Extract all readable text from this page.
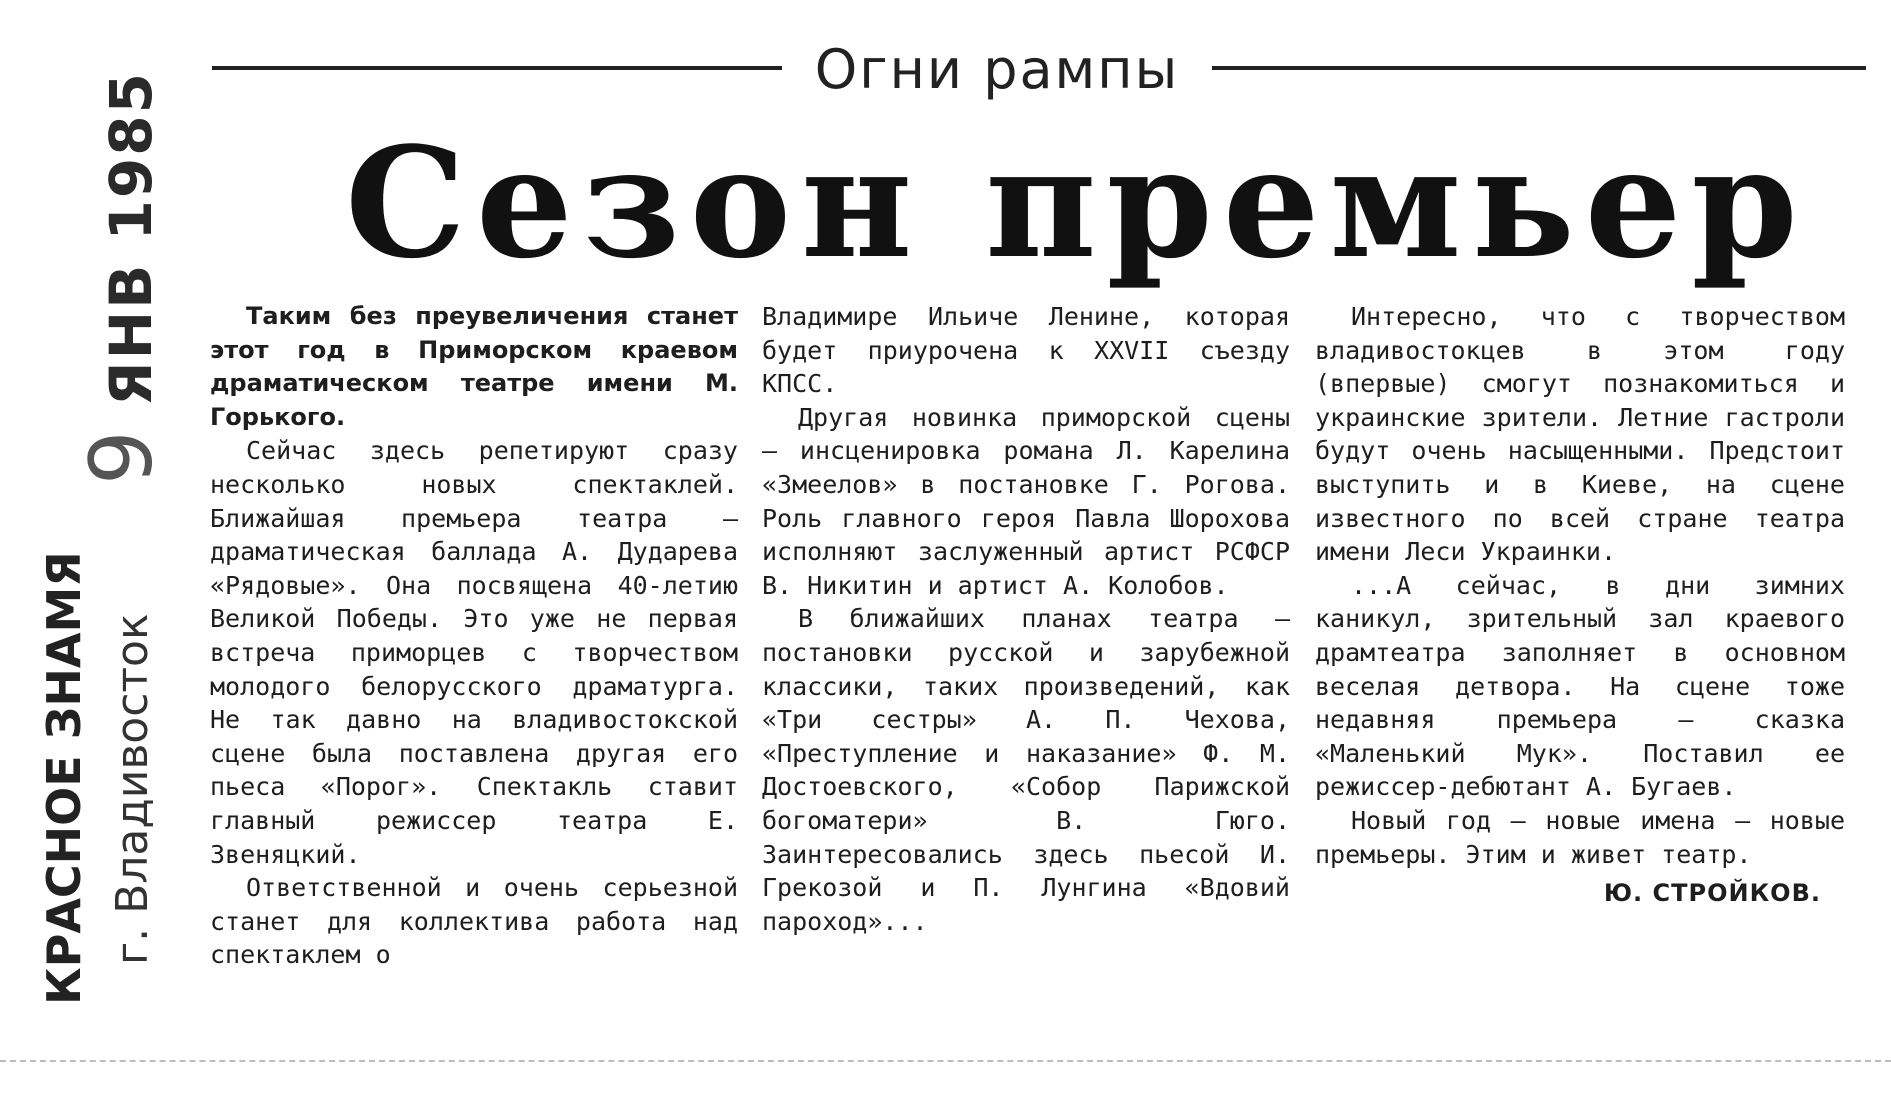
9 ЯНВ 1985
КРАСНОЕ ЗНАМЯ г. Владивосток
Огни рампы
Сезон премьер

Таким без преувеличения станет этот год в Приморском краевом драматическом театре имени М. Горького.

Сейчас здесь репетируют сразу несколько новых спектаклей. Ближайшая премьера театра — драматическая баллада А. Дударева «Рядовые». Она посвящена 40-летию Великой Победы. Это уже не первая встреча приморцев с творчеством молодого белорусского драматурга. Не так давно на владивостокской сцене была поставлена другая его пьеса «Порог». Спектакль ставит главный режиссер театра Е. Звеняцкий.

Ответственной и очень серьезной станет для коллектива работа над спектаклем о

Владимире Ильиче Ленине, которая будет приурочена к XXVII съезду КПСС.

Другая новинка приморской сцены — инсценировка романа Л. Карелина «Змеелов» в постановке Г. Рогова. Роль главного героя Павла Шорохова исполняют заслуженный артист РСФСР В. Никитин и артист А. Колобов.

В ближайших планах театра — постановки русской и зарубежной классики, таких произведений, как «Три сестры» А. П. Чехова, «Преступление и наказание» Ф. М. Достоевского, «Собор Парижской богоматери» В. Гюго. Заинтересовались здесь пьесой И. Грекозой и П. Лунгина «Вдовий пароход»...

Интересно, что с творчеством владивостокцев в этом году (впервые) смогут познакомиться и украинские зрители. Летние гастроли будут очень насыщенными. Предстоит выступить и в Киеве, на сцене известного по всей стране театра имени Леси Украинки.

...А сейчас, в дни зимних каникул, зрительный зал краевого драмтеатра заполняет в основном веселая детвора. На сцене тоже недавняя премьера — сказка «Маленький Мук». Поставил ее режиссер-дебютант А. Бугаев.

Новый год — новые имена — новые премьеры. Этим и живет театр.

Ю. СТРОЙКОВ.
